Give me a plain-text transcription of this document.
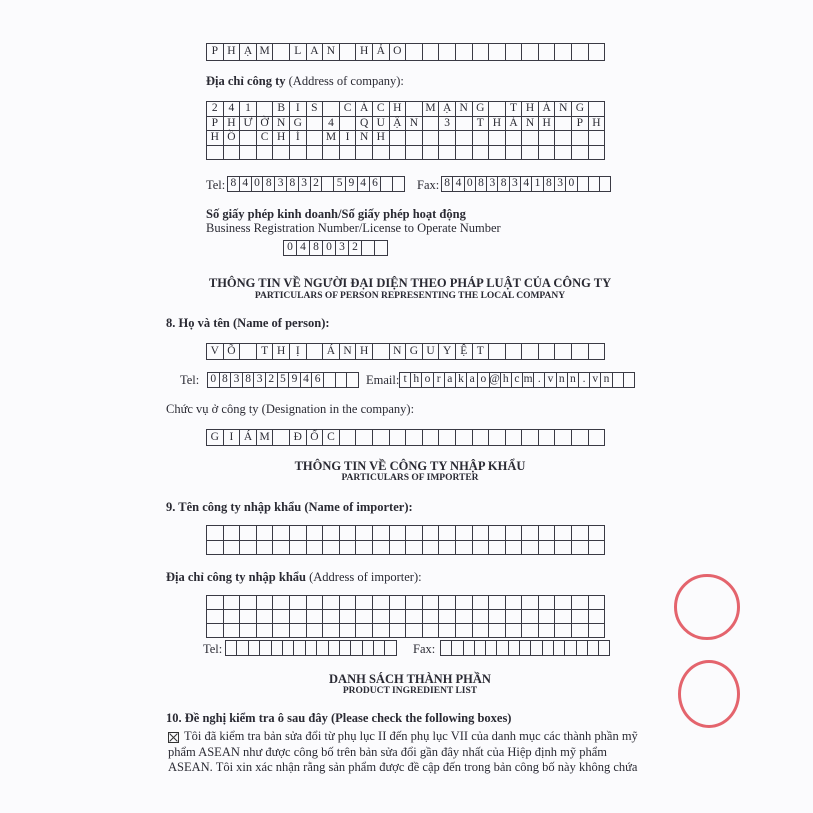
P H Ạ M	L A N	H Ả O
Địa chỉ công ty (Address of company):
2 4 1	B I S	C Á C H	M Ạ N G	T H Á N G
P H Ư Ờ N G	4	Q U Ậ N	3	T H À N H	P H
H Ồ	C H Í	M I N H
Tel: 8 4 0 8 3 8 3 2	5 9 4 6	Fax: 8 4 0 8 3 8 3 4 1 8 3 0
Số giấy phép kinh doanh/Số giấy phép hoạt động
Business Registration Number/License to Operate Number
0 4 8 0 3 2
THÔNG TIN VỀ NGƯỜI ĐẠI DIỆN THEO PHÁP LUẬT CỦA CÔNG TY
PARTICULARS OF PERSON REPRESENTING THE LOCAL COMPANY
8. Họ và tên (Name of person):
V Õ	T H Ị	Á N H	N G U Y Ệ T
Tel: 0 8 3 8 3 2 5 9 4 6	Email: t h o r a k a o @ h c m . v n n . v n
Chức vụ ở công ty (Designation in the company):
G I Á M	Đ Ố C
THÔNG TIN VỀ CÔNG TY NHẬP KHẨU
PARTICULARS OF IMPORTER
9. Tên công ty nhập khẩu (Name of importer):
Địa chỉ công ty nhập khẩu (Address of importer):
Tel:	Fax:
DANH SÁCH THÀNH PHẦN
PRODUCT INGREDIENT LIST
10. Đề nghị kiểm tra ô sau đây (Please check the following boxes)
Tôi đã kiểm tra bản sửa đổi từ phụ lục II đến phụ lục VII của danh mục các thành phần mỹ phẩm ASEAN như được công bố trên bản sửa đổi gần đây nhất của Hiệp định mỹ phẩm ASEAN. Tôi xin xác nhận rằng sản phẩm được đề cập đến trong bản công bố này không chứa
